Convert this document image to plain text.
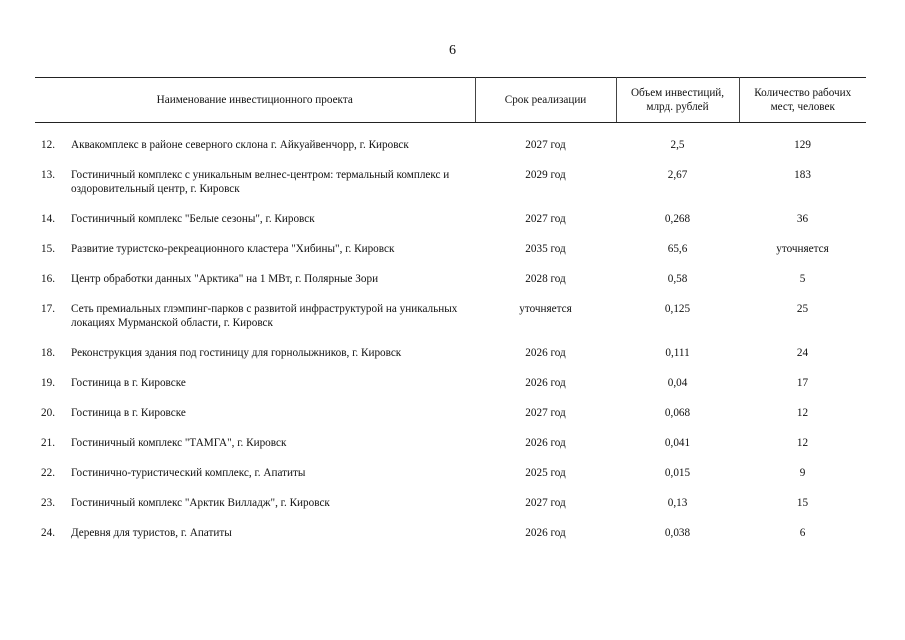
6
Наименование инвестиционного проекта		Срок реализации	Объем инвестиций, млрд. рублей	Количество рабочих мест, человек
12.	Аквакомплекс в районе северного склона г. Айкуайвенчорр, г. Кировск	2027 год	2,5	129
13.	Гостиничный комплекс с уникальным велнес-центром: термальный комплекс и оздоровительный центр, г. Кировск	2029 год	2,67	183
14.	Гостиничный комплекс "Белые сезоны", г. Кировск	2027 год	0,268	36
15.	Развитие туристско-рекреационного кластера "Хибины", г. Кировск	2035 год	65,6	уточняется
16.	Центр обработки данных "Арктика" на 1 МВт, г. Полярные Зори	2028 год	0,58	5
17.	Сеть премиальных глэмпинг-парков с развитой инфраструктурой на уникальных локациях Мурманской области, г. Кировск	уточняется	0,125	25
18.	Реконструкция здания под гостиницу для горнолыжников, г. Кировск	2026 год	0,111	24
19.	Гостиница в г. Кировске	2026 год	0,04	17
20.	Гостиница в г. Кировске	2027 год	0,068	12
21.	Гостиничный комплекс "ТАМГА", г. Кировск	2026 год	0,041	12
22.	Гостинично-туристический комплекс, г. Апатиты	2025 год	0,015	9
23.	Гостиничный комплекс "Арктик Вилладж", г. Кировск	2027 год	0,13	15
24.	Деревня для туристов, г. Апатиты	2026 год	0,038	6
